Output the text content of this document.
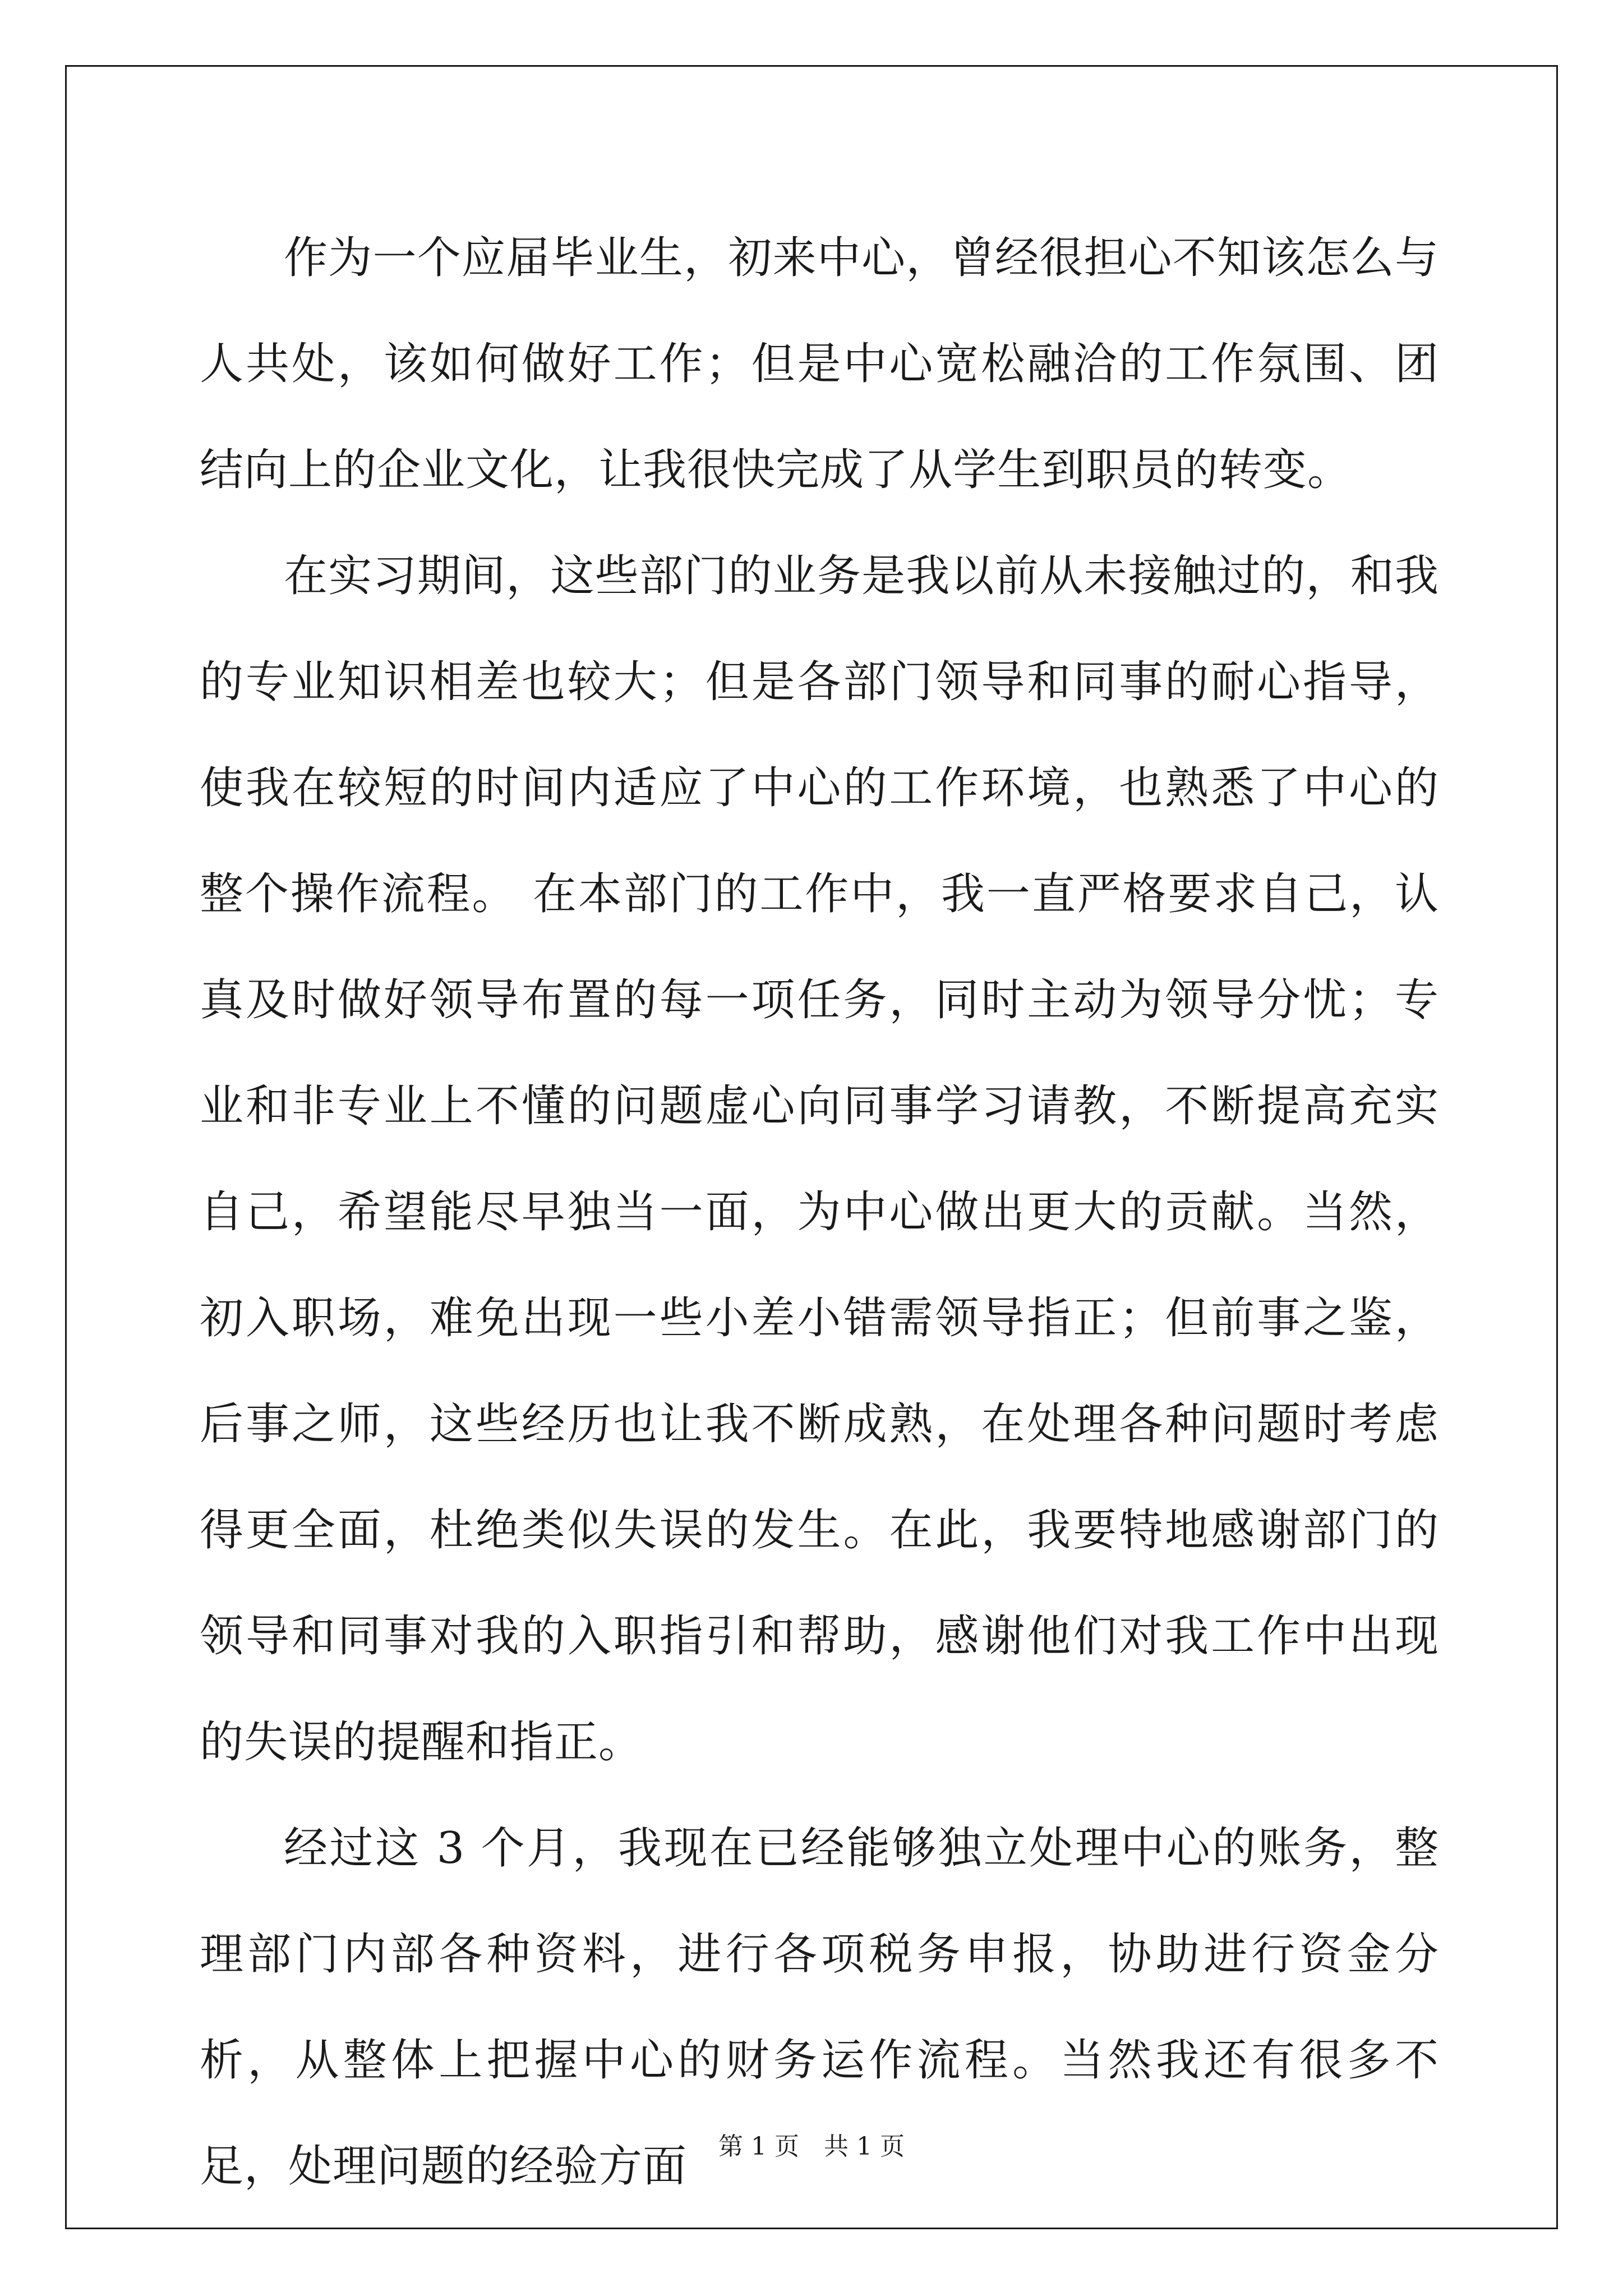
作为一个应届毕业生，初来中心，曾经很担心不知该怎么与人共处，该如何做好工作；但是中心宽松融洽的工作氛围、团结向上的企业文化，让我很快完成了从学生到职员的转变。

在实习期间，这些部门的业务是我以前从未接触过的，和我的专业知识相差也较大；但是各部门领导和同事的耐心指导，使我在较短的时间内适应了中心的工作环境，也熟悉了中心的整个操作流程。 在本部门的工作中，我一直严格要求自己，认真及时做好领导布置的每一项任务，同时主动为领导分忧；专业和非专业上不懂的问题虚心向同事学习请教，不断提高充实自己，希望能尽早独当一面，为中心做出更大的贡献。当然，初入职场，难免出现一些小差小错需领导指正；但前事之鉴，后事之师，这些经历也让我不断成熟，在处理各种问题时考虑得更全面，杜绝类似失误的发生。在此，我要特地感谢部门的领导和同事对我的入职指引和帮助，感谢他们对我工作中出现的失误的提醒和指正。

经过这 3 个月，我现在已经能够独立处理中心的账务，整理部门内部各种资料，进行各项税务申报，协助进行资金分析，从整体上把握中心的财务运作流程。当然我还有很多不足，处理问题的经验方面	第 1 页　共 1 页
